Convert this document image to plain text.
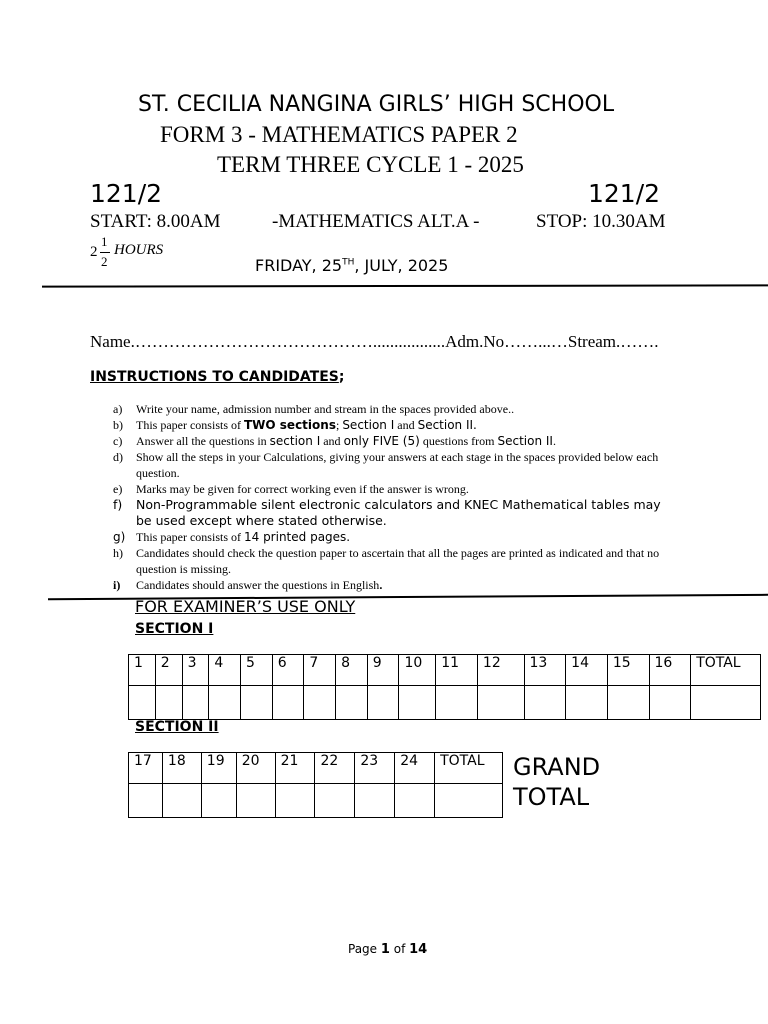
ST. CECILIA NANGINA GIRLS’ HIGH SCHOOL
FORM 3 - MATHEMATICS PAPER 2
TERM THREE CYCLE 1 - 2025
121/2	121/2
START: 8.00AM	-MATHEMATICS ALT.A -	STOP: 10.30AM
2
1
2
HOURS
FRIDAY, 25TH, JULY, 2025
Name.…………………………………….................Adm.No……...…Stream.…….
INSTRUCTIONS TO CANDIDATES;
a) Write your name, admission number and stream in the spaces provided above..
b) This paper consists of TWO sections; Section I and Section II.
c) Answer all the questions in section I and only FIVE (5) questions from Section II.
d) Show all the steps in your Calculations, giving your answers at each stage in the spaces provided below each question.
e) Marks may be given for correct working even if the answer is wrong.
f) Non-Programmable silent electronic calculators and KNEC Mathematical tables may be used except where stated otherwise.
g) This paper consists of 14 printed pages.
h) Candidates should check the question paper to ascertain that all the pages are printed as indicated and that no question is missing.
i) Candidates should answer the questions in English.
FOR EXAMINER’S USE ONLY
SECTION I
1	2	3	4	5	6	7	8	9	10	11	12	13	14	15	16	TOTAL

SECTION II
17	18	19	20	21	22	23	24	TOTAL
								GRAND TOTAL
Page 1 of 14
